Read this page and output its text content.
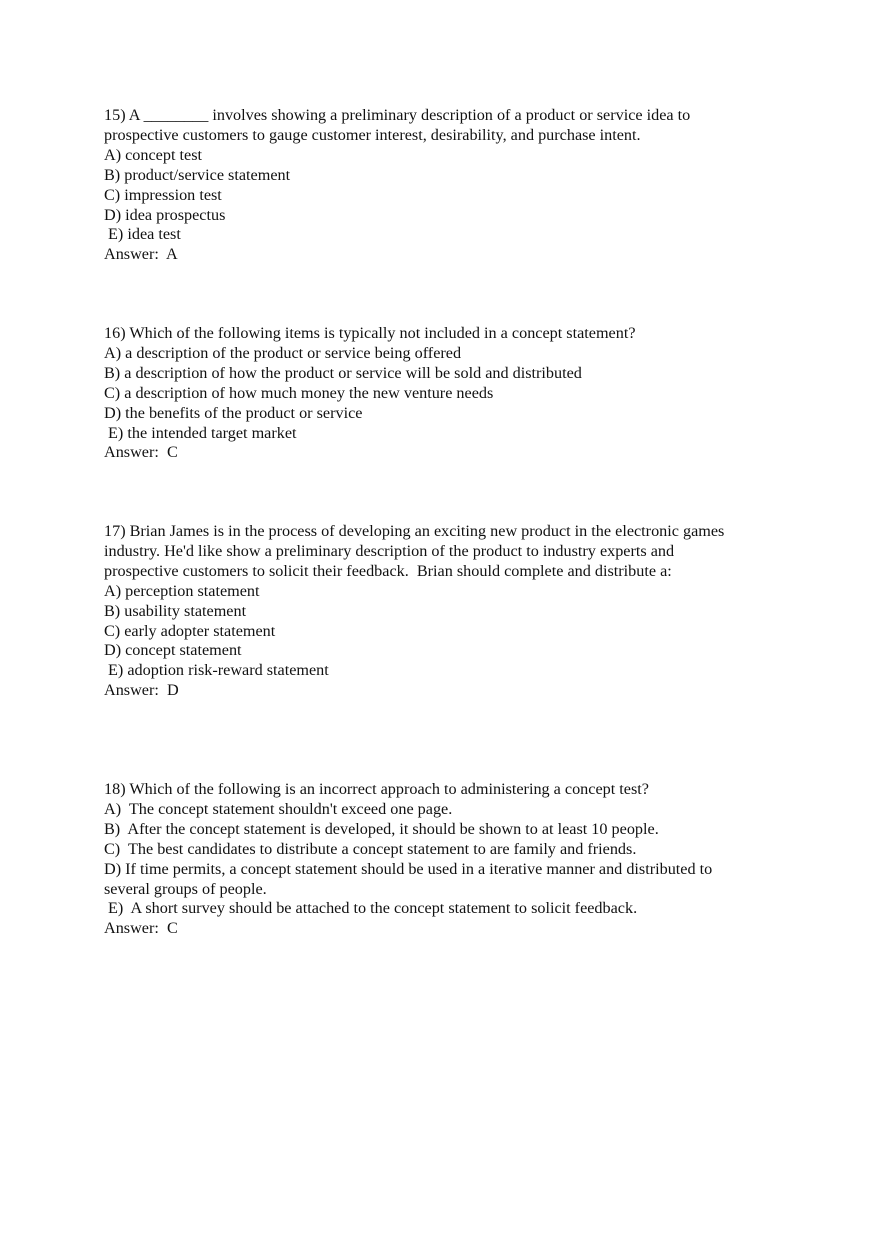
15) A ________ involves showing a preliminary description of a product or service idea to
prospective customers to gauge customer interest, desirability, and purchase intent.
A) concept test
B) product/service statement
C) impression test
D) idea prospectus
E) idea test
Answer:  A
16) Which of the following items is typically not included in a concept statement?
A) a description of the product or service being offered
B) a description of how the product or service will be sold and distributed
C) a description of how much money the new venture needs
D) the benefits of the product or service
E) the intended target market
Answer:  C
17) Brian James is in the process of developing an exciting new product in the electronic games
industry. He'd like show a preliminary description of the product to industry experts and
prospective customers to solicit their feedback.  Brian should complete and distribute a:
A) perception statement
B) usability statement
C) early adopter statement
D) concept statement
E) adoption risk-reward statement
Answer:  D
18) Which of the following is an incorrect approach to administering a concept test?
A)  The concept statement shouldn't exceed one page.
B)  After the concept statement is developed, it should be shown to at least 10 people.
C)  The best candidates to distribute a concept statement to are family and friends.
D) If time permits, a concept statement should be used in a iterative manner and distributed to
several groups of people.
E)  A short survey should be attached to the concept statement to solicit feedback.
Answer:  C
